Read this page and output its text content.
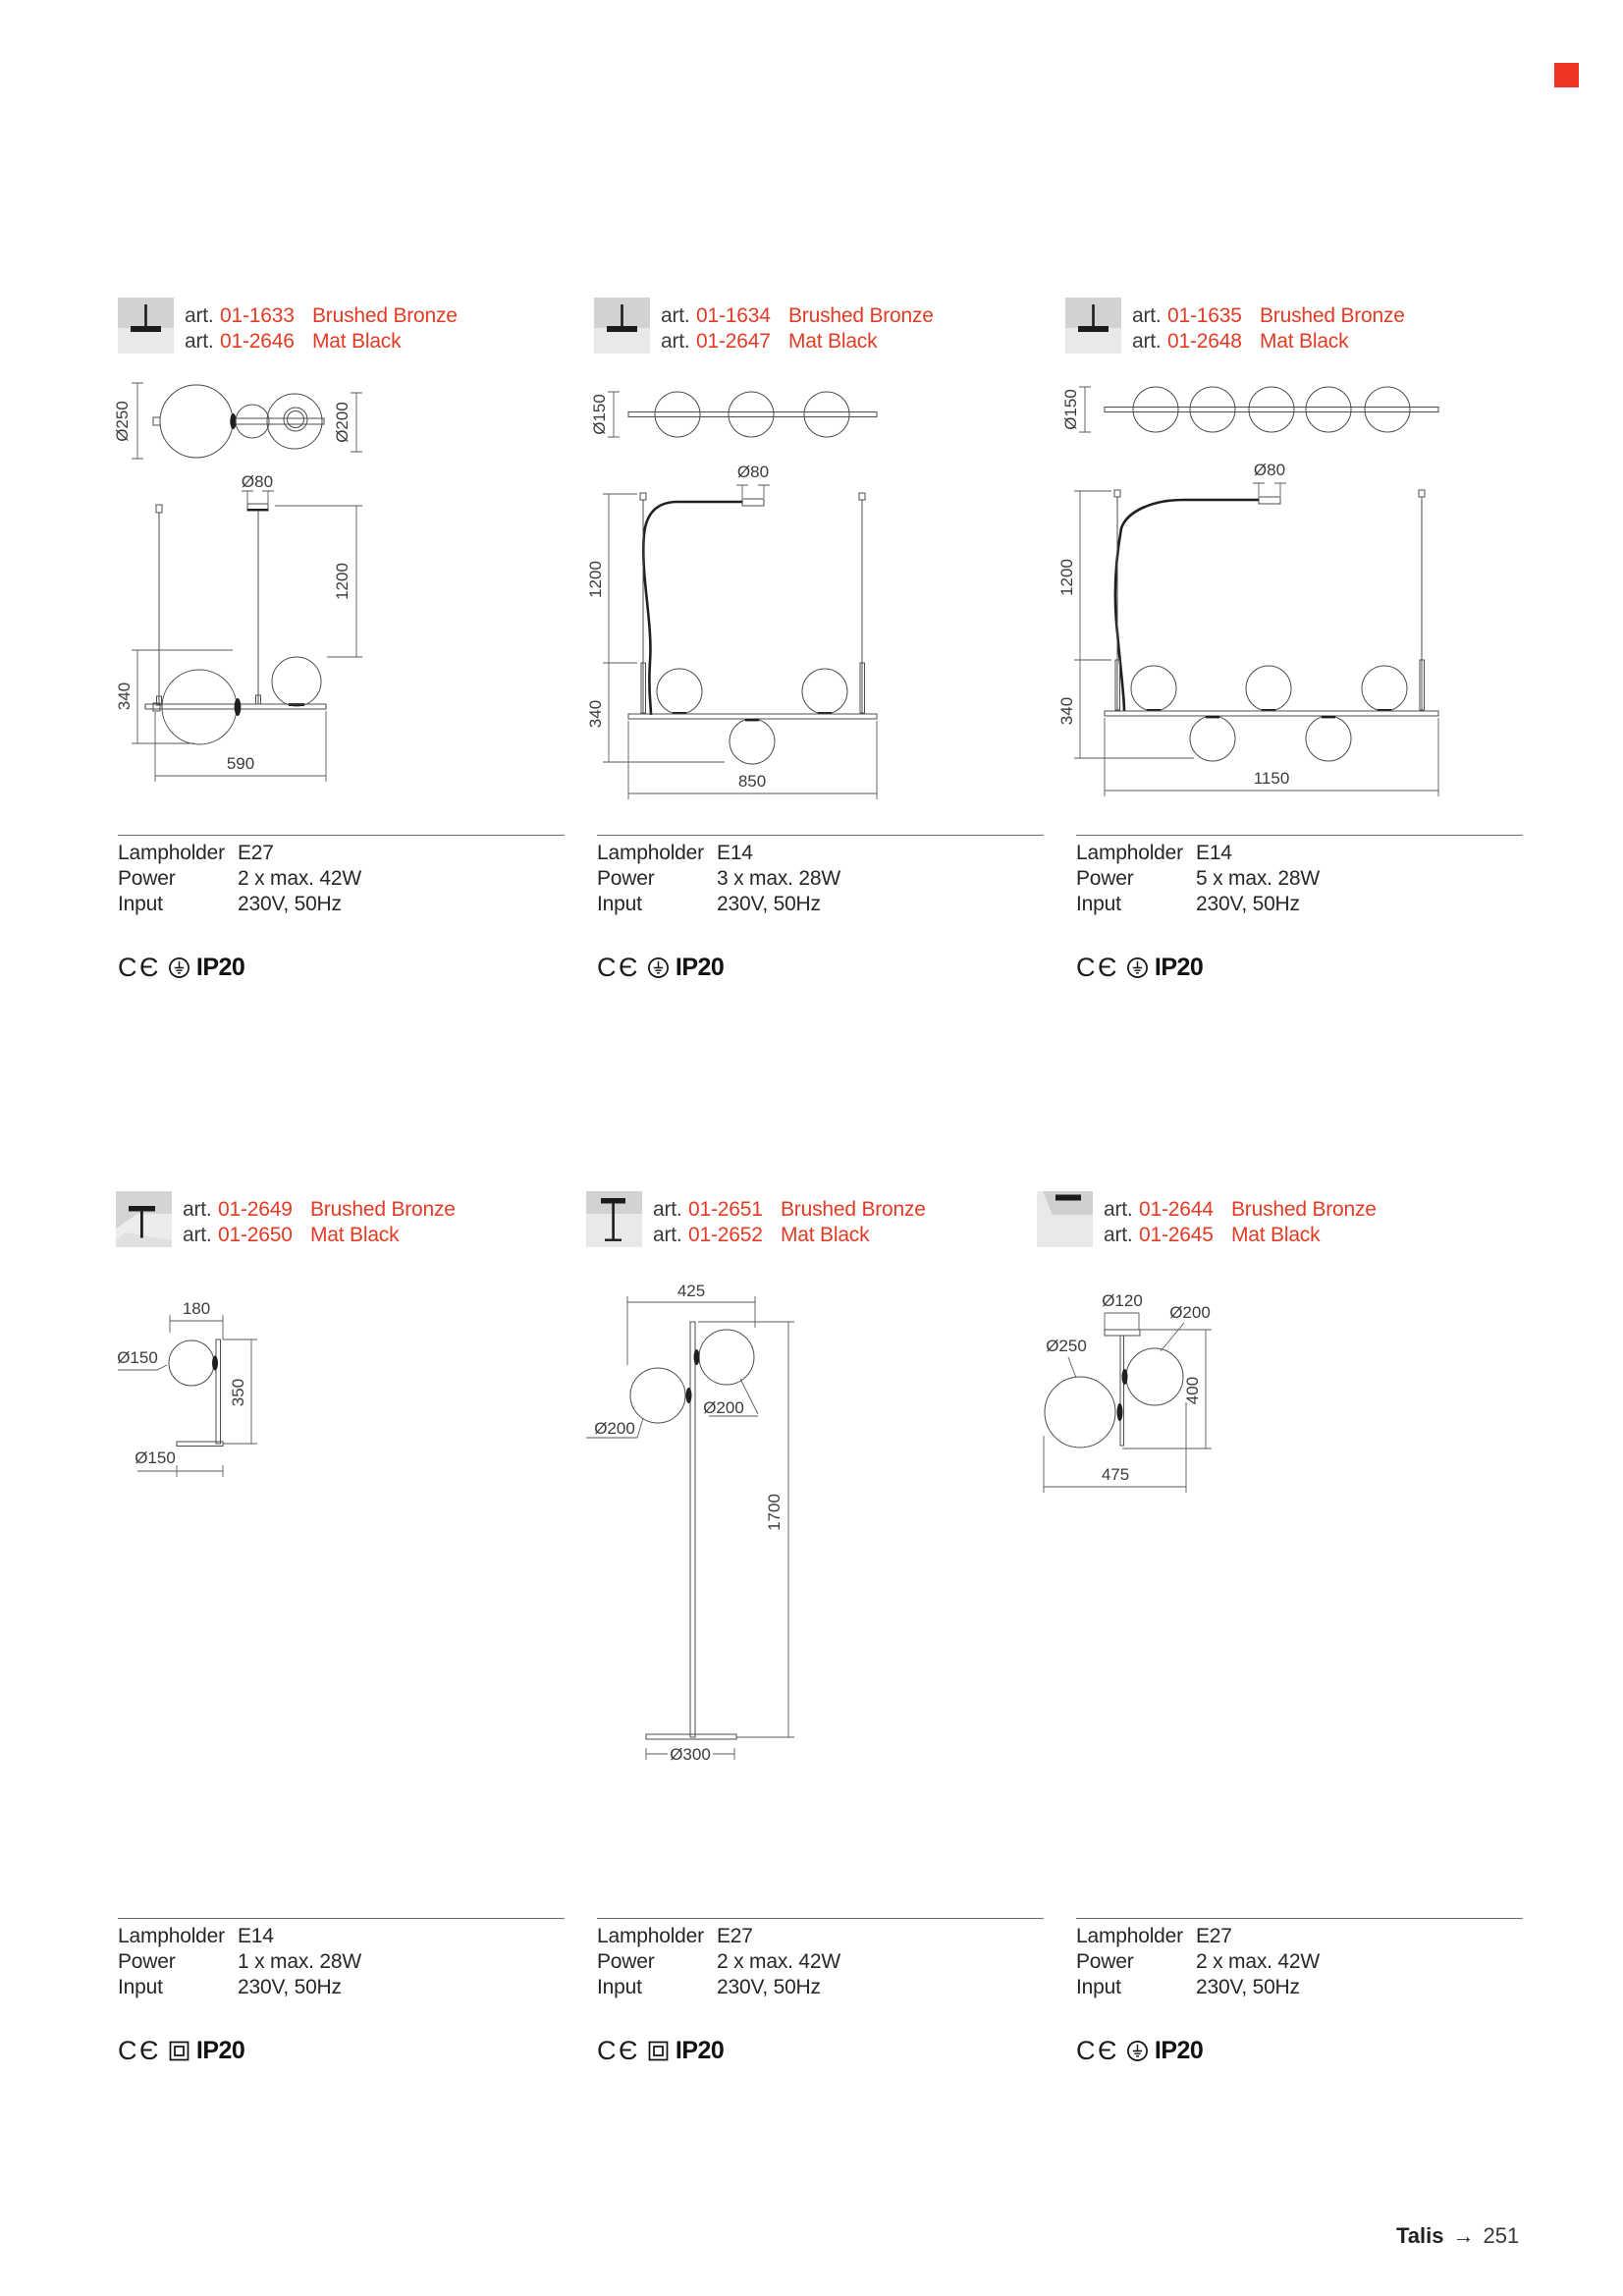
art. 01-1633 Brushed Bronze
art. 01-2646 Mat Black
Ø250	Ø200
Ø80
1200
340
590
Lampholder E27
Power	2 x max. 42W
Input	230V, 50Hz
CЄ IP20
art. 01-1634 Brushed Bronze
art. 01-2647 Mat Black
Ø150
Ø80
1200
340
850
Lampholder E14
Power	3 x max. 28W
Input	230V, 50Hz
CЄ IP20
art. 01-1635 Brushed Bronze
art. 01-2648 Mat Black
Ø150
Ø80
1200
340
1150
Lampholder E14
Power	5 x max. 28W
Input	230V, 50Hz
CЄ IP20
art. 01-2649 Brushed Bronze
art. 01-2650 Mat Black
180
Ø150
350
Ø150
Lampholder E14
Power	1 x max. 28W
Input	230V, 50Hz
CЄ IP20
art. 01-2651 Brushed Bronze
art. 01-2652 Mat Black
425
Ø200
Ø200
1700
Ø300
Lampholder E27
Power	2 x max. 42W
Input	230V, 50Hz
CЄ IP20
art. 01-2644 Brushed Bronze
art. 01-2645 Mat Black
Ø120
Ø200
Ø250
400
475
Lampholder E27
Power	2 x max. 42W
Input	230V, 50Hz
CЄ IP20
Talis → 251
